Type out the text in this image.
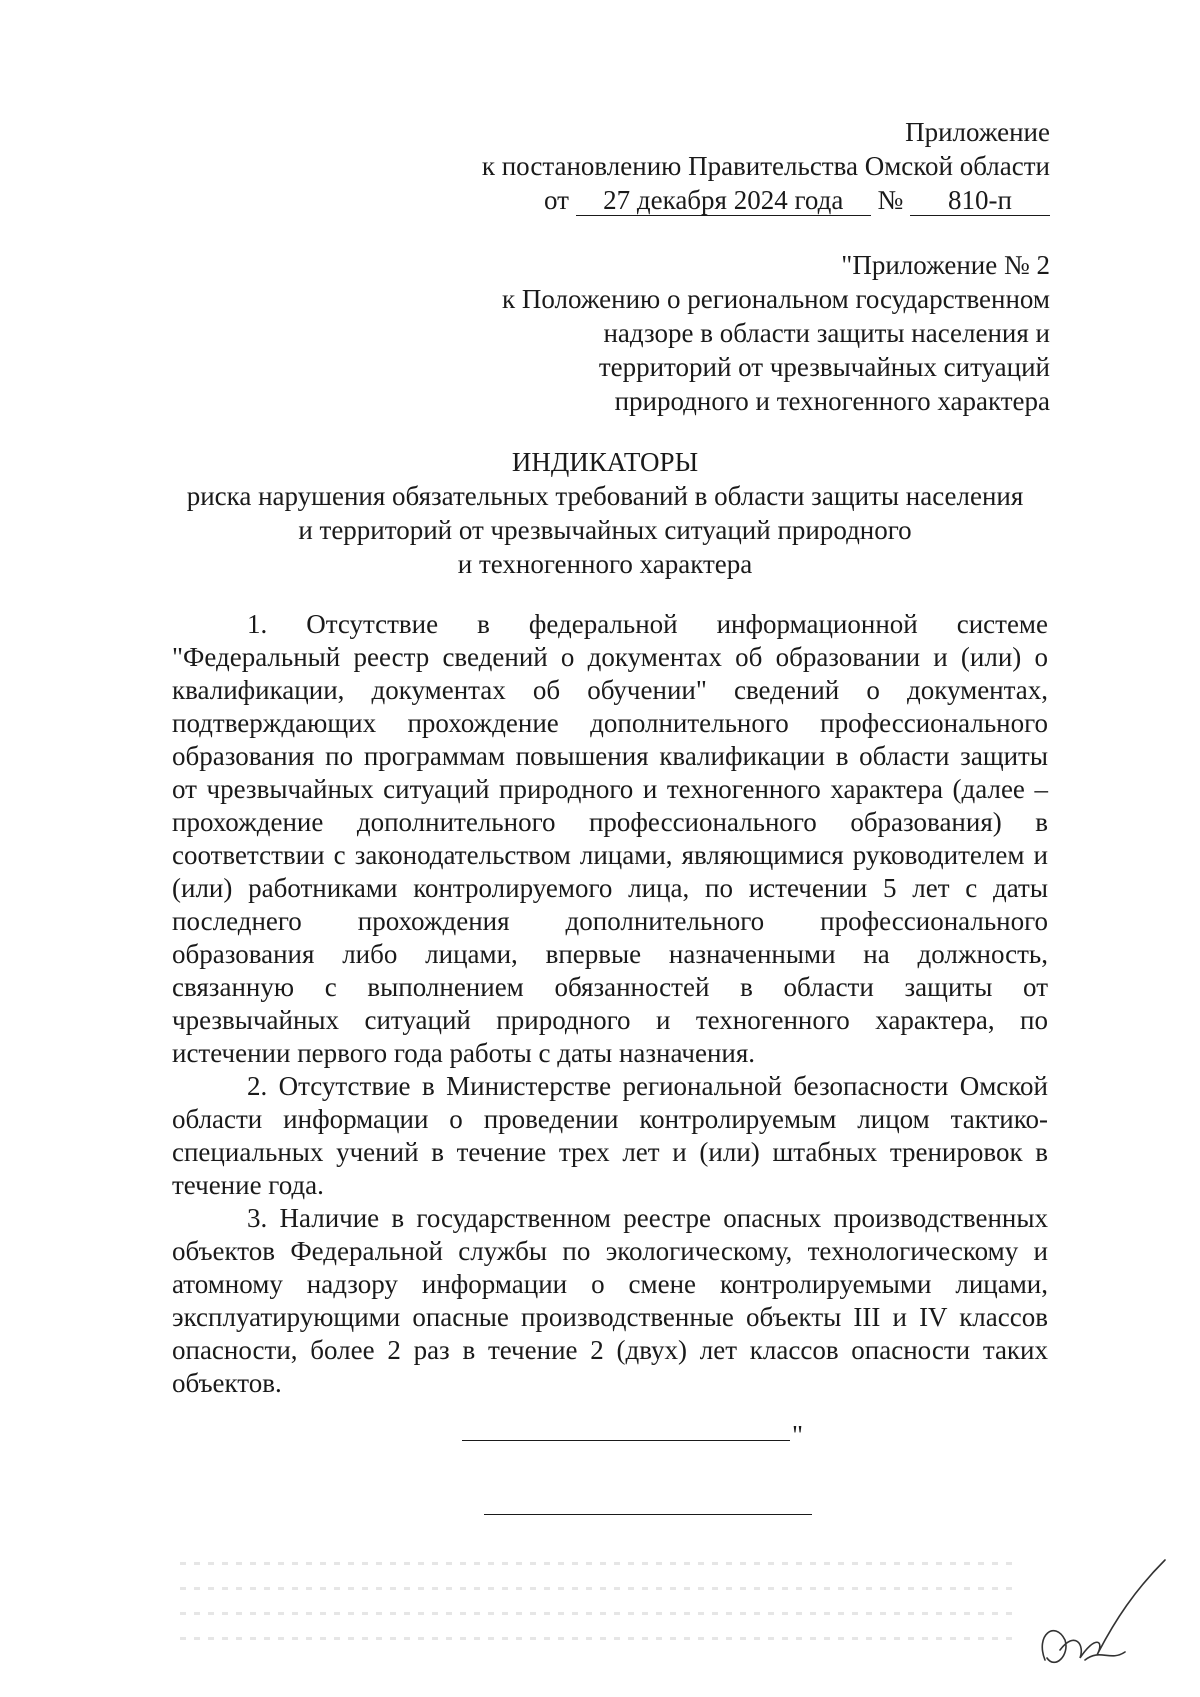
Приложение
к постановлению Правительства Омской области
от 27 декабря 2024 года № 810-п
"Приложение № 2
к Положению о региональном государственном
надзоре в области защиты населения и
территорий от чрезвычайных ситуаций
природного и техногенного характера
ИНДИКАТОРЫ
риска нарушения обязательных требований в области защиты населения
и территорий от чрезвычайных ситуаций природного
и техногенного характера

1. Отсутствие в федеральной информационной системе "Федеральный реестр сведений о документах об образовании и (или) о квалификации, документах об обучении" сведений о документах, подтверждающих прохождение дополнительного профессионального образования по программам повышения квалификации в области защиты от чрезвычайных ситуаций природного и техногенного характера (далее – прохождение дополнительного профессионального образования) в соответствии с законодательством лицами, являющимися руководителем и (или) работниками контролируемого лица, по истечении 5 лет с даты последнего прохождения дополнительного профессионального образования либо лицами, впервые назначенными на должность, связанную с выполнением обязанностей в области защиты от чрезвычайных ситуаций природного и техногенного характера, по истечении первого года работы с даты назначения.

2. Отсутствие в Министерстве региональной безопасности Омской области информации о проведении контролируемым лицом тактико-специальных учений в течение трех лет и (или) штабных тренировок в течение года.

3. Наличие в государственном реестре опасных производственных объектов Федеральной службы по экологическому, технологическому и атомному надзору информации о смене контролируемыми лицами, эксплуатирующими опасные производственные объекты III и IV классов опасности, более 2 раз в течение 2 (двух) лет классов опасности таких объектов.

"
